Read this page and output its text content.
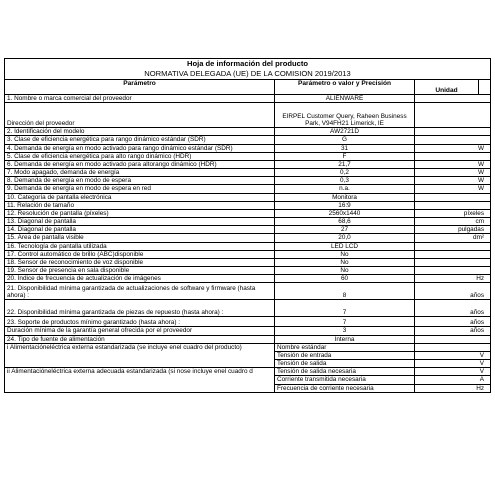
Hoja de información del producto			
NORMATIVA DELEGADA (UE) DE LA COMISIÓN 2019/2013			
Parámetro	Parámetro o valor y Precisión	Unidad	
1. Nombre o marca comercial del proveedor	ALIENWARE		
Dirección del proveedor	EIRPEL Customer Query, Raheen Business Park, V94FH21 Limerick, IE		
2. Identificación del modelo	AW2721D		
3. Clase de eficiencia energética para rango dinámico estándar (SDR)	G		
4. Demanda de energía en modo activado para rango dinámico estándar (SDR)	31	W	
5. Clase de eficiencia energética para alto rango dinámico (HDR)	F		
6. Demanda de energía en modo activado para altorango dinámico (HDR)	21,7	W	
7. Modo apagado, demanda de energía	0,2	W	
8. Demanda de energía en modo de espera	0,3	W	
9. Demanda de energía en modo de espera en red	n.a.	W	
10. Categoría de pantalla electrónica	Monitora		
11. Relación de tamaño	16:9		
12. Resolución de pantalla (píxeles)	2560x1440	píxeles	
13. Diagonal de pantalla	68,6	cm	
14. Diagonal de pantalla	27	pulgadas	
15. Área de pantalla visible	20,0	dm²	
16. Tecnología de pantalla utilizada	LED LCD		
17. Control automático de brillo (ABC)disponible	No		
18. Sensor de reconocimiento de voz disponible	No		
19. Sensor de presencia en sala disponible	No		
20. Índice de frecuencia de actualización de imágenes	60	Hz	
21. Disponibilidad mínima garantizada de actualizaciones de software y firmware (hasta ahora) :	8	años	
22. Disponibilidad mínima garantizada de piezas de repuesto (hasta ahora) :	7	años	
23. Soporte de productos mínimo garantizado (hasta ahora) :	7	años	
Duración mínima de la garantía general ofrecida por el proveedor	3	años	
24. Tipo de fuente de alimentación	Interna		
i Alimentacióneléctrica externa estandarizada (se incluye enel cuadro del producto)	Nombre estándar		
	Tensión de entrada	V	
	Tensión de salida	V	
ii Alimentacióneléctrica externa adecuada estandarizada (si nose incluye enel cuadro d	Tensión de salida necesaria	V	
	Corriente transmitida necesaria	A	
	Frecuencia de corriente necesaria	Hz	
